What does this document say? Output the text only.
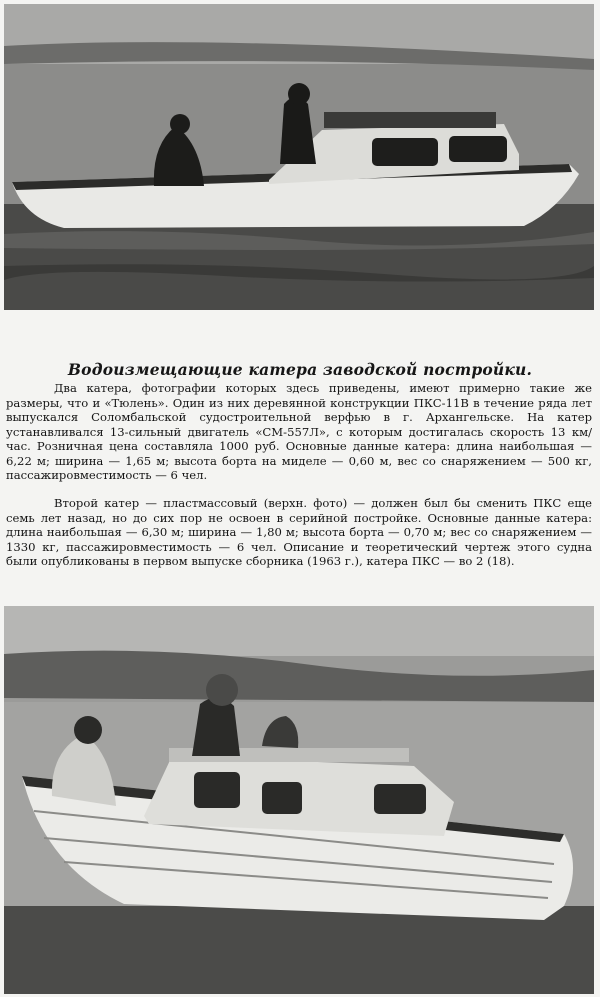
Водоизмещающие катера заводской постройки.
Два катера, фотографии которых здесь приведены, имеют примерно такие же размеры, что и «Тюлень». Один из них деревянной конструкции ПКС-11В в течение ряда лет выпускался Соломбальской судостроительной верфью в г. Архангельске. На катер устанавливался 13-сильный двигатель «СМ-557Л», с которым достигалась скорость 13 км/час. Розничная цена составляла 1000 руб. Основные данные катера: длина наибольшая — 6,22 м; ширина — 1,65 м; высота борта на миделе — 0,60 м, вес со снаряжением — 500 кг, пассажировместимость — 6 чел.
Второй катер — пластмассовый (верхн. фото) — должен был бы сменить ПКС еще семь лет назад, но до сих пор не освоен в серийной постройке. Основные данные катера: длина наибольшая — 6,30 м; ширина — 1,80 м; высота борта — 0,70 м; вес со снаряжением — 1330 кг, пассажировместимость — 6 чел. Описание и теоретический чертеж этого судна были опубликованы в первом выпуске сборника (1963 г.), катера ПКС — во 2 (18).
